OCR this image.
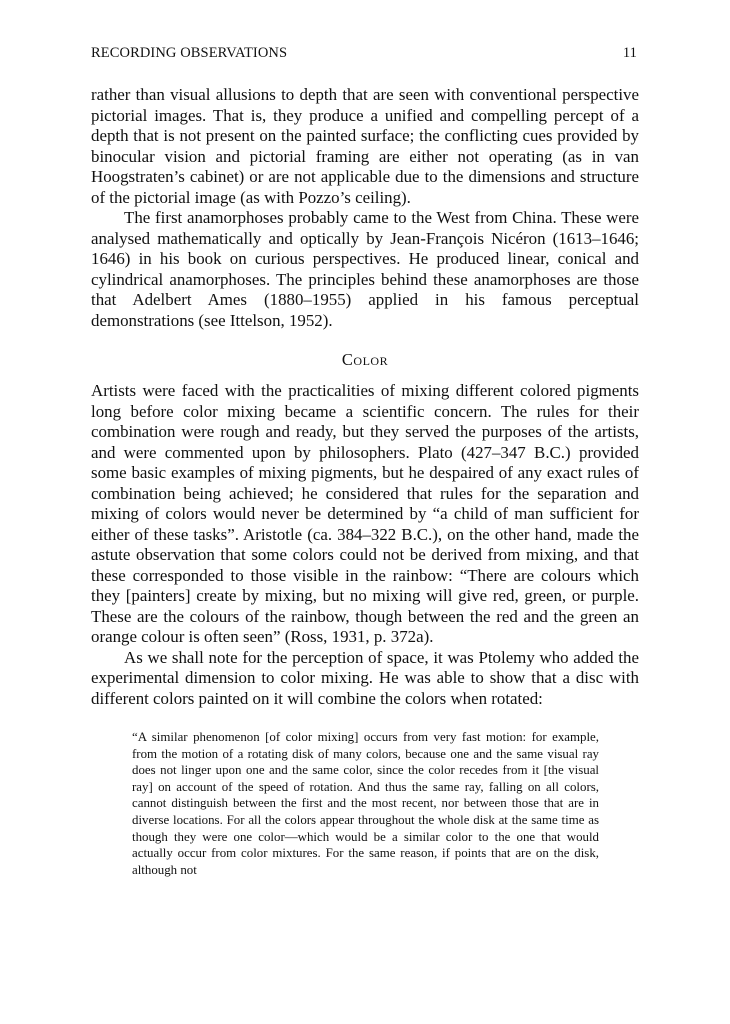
RECORDING OBSERVATIONS	11

rather than visual allusions to depth that are seen with conventional perspective pictorial images. That is, they produce a unified and compelling percept of a depth that is not present on the painted surface; the conflicting cues provided by binocular vision and pictorial framing are either not operating (as in van Hoogstraten’s cabinet) or are not applicable due to the dimensions and structure of the pictorial image (as with Pozzo’s ceiling).

The first anamorphoses probably came to the West from China. These were analysed mathematically and optically by Jean-François Nicéron (1613–1646; 1646) in his book on curious perspectives. He produced linear, conical and cylindrical anamorphoses. The principles behind these anamorphoses are those that Adelbert Ames (1880–1955) applied in his famous perceptual demonstrations (see Ittelson, 1952).

Color

Artists were faced with the practicalities of mixing different colored pigments long before color mixing became a scientific concern. The rules for their combination were rough and ready, but they served the purposes of the artists, and were commented upon by philosophers. Plato (427–347 B.C.) provided some basic examples of mixing pigments, but he despaired of any exact rules of combination being achieved; he considered that rules for the separation and mixing of colors would never be determined by “a child of man sufficient for either of these tasks”. Aristotle (ca. 384–322 B.C.), on the other hand, made the astute observation that some colors could not be derived from mixing, and that these corresponded to those visible in the rainbow: “There are colours which they [painters] create by mixing, but no mixing will give red, green, or purple. These are the colours of the rainbow, though between the red and the green an orange colour is often seen” (Ross, 1931, p. 372a).

As we shall note for the perception of space, it was Ptolemy who added the experimental dimension to color mixing. He was able to show that a disc with different colors painted on it will combine the colors when rotated:

“A similar phenomenon [of color mixing] occurs from very fast motion: for example, from the motion of a rotating disk of many colors, because one and the same visual ray does not linger upon one and the same color, since the color recedes from it [the visual ray] on account of the speed of rotation. And thus the same ray, falling on all colors, cannot distinguish between the first and the most recent, nor between those that are in diverse locations. For all the colors appear throughout the whole disk at the same time as though they were one color—which would be a similar color to the one that would actually occur from color mixtures. For the same reason, if points that are on the disk, although not
